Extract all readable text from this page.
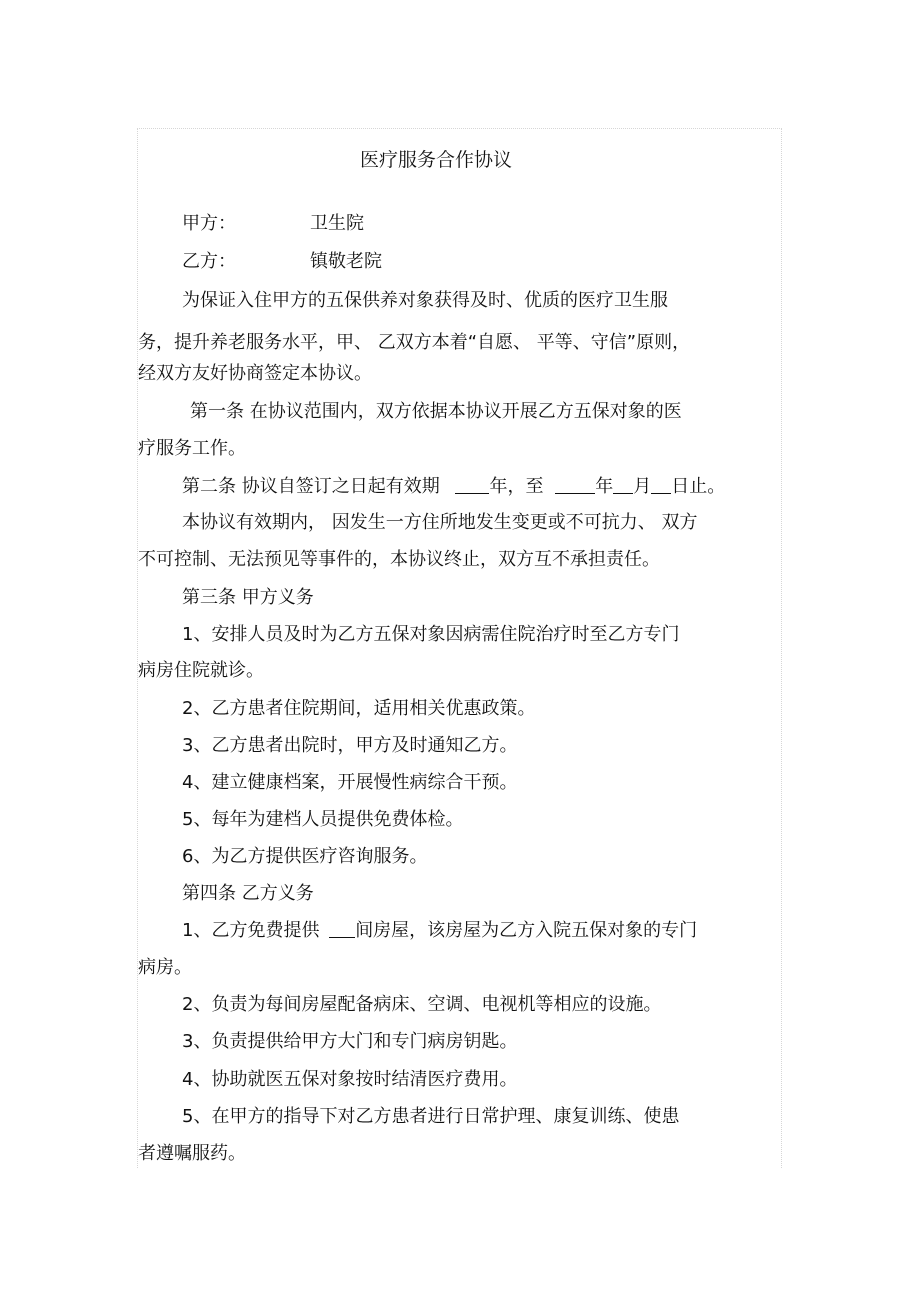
医疗服务合作协议
甲方：	卫生院
乙方：	镇敬老院
为保证入住甲方的五保供养对象获得及时、优质的医疗卫生服
务，提升养老服务水平，甲、 乙双方本着“自愿、 平等、守信”原则，
经双方友好协商签定本协议。
第一条 在协议范围内，双方依据本协议开展乙方五保对象的医
疗服务工作。
第二条 协议自签订之日起有效期	年，至	年 月 日止。
本协议有效期内， 因发生一方住所地发生变更或不可抗力、 双方
不可控制、无法预见等事件的，本协议终止，双方互不承担责任。
第三条 甲方义务
1、安排人员及时为乙方五保对象因病需住院治疗时至乙方专门
病房住院就诊。
2、乙方患者住院期间，适用相关优惠政策。
3、乙方患者出院时，甲方及时通知乙方。
4、建立健康档案，开展慢性病综合干预。
5、每年为建档人员提供免费体检。
6、为乙方提供医疗咨询服务。
第四条 乙方义务
1、乙方免费提供 间房屋，该房屋为乙方入院五保对象的专门
病房。
2、负责为每间房屋配备病床、空调、电视机等相应的设施。
3、负责提供给甲方大门和专门病房钥匙。
4、协助就医五保对象按时结清医疗费用。
5、在甲方的指导下对乙方患者进行日常护理、康复训练、使患
者遵嘱服药。
